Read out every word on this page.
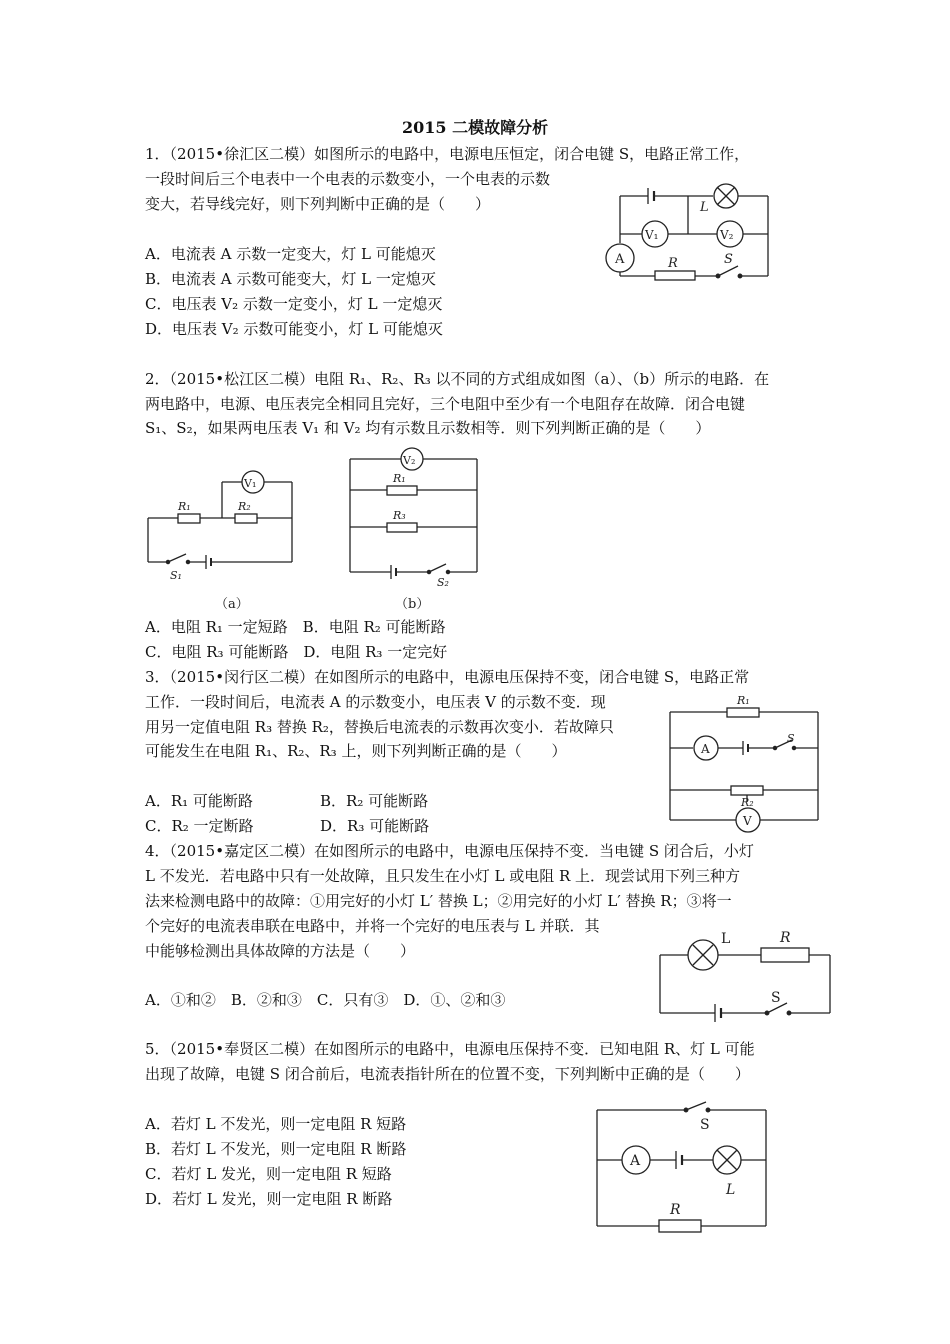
2015 二模故障分析
1．（2015•徐汇区二模）如图所示的电路中，电源电压恒定，闭合电键 S，电路正常工作，
一段时间后三个电表中一个电表的示数变小，一个电表的示数
变大，若导线完好，则下列判断中正确的是（　　）
A．电流表 A 示数一定变大，灯 L 可能熄灭
B．电流表 A 示数可能变大，灯 L 一定熄灭
C．电压表 V₂ 示数一定变小，灯 L 一定熄灭
D．电压表 V₂ 示数可能变小，灯 L 可能熄灭
L
A
V₁	V₂
R	S
2．（2015•松江区二模）电阻 R₁、R₂、R₃ 以不同的方式组成如图（a）、（b）所示的电路．在
两电路中，电源、电压表完全相同且完好，三个电阻中至少有一个电阻存在故障．闭合电键
S₁、S₂，如果两电压表 V₁ 和 V₂ 均有示数且示数相等．则下列判断正确的是（　　）
V₁
R₁	R₂
S₁
（a）
V₂
R₁
R₃
S₂
（b）
A．电阻 R₁ 一定短路　B．电阻 R₂ 可能断路
C．电阻 R₃ 可能断路　D．电阻 R₃ 一定完好
3．（2015•闵行区二模）在如图所示的电路中，电源电压保持不变，闭合电键 S，电路正常
工作．一段时间后，电流表 A 的示数变小，电压表 V 的示数不变．现
用另一定值电阻 R₃ 替换 R₂，替换后电流表的示数再次变小．若故障只
可能发生在电阻 R₁、R₂、R₃ 上，则下列判断正确的是（　　）
A．R₁ 可能断路	B．R₂ 可能断路
C．R₂ 一定断路	D．R₃ 可能断路
R₁
A
S
R₂
V
4．（2015•嘉定区二模）在如图所示的电路中，电源电压保持不变．当电键 S 闭合后，小灯
L 不发光．若电路中只有一处故障，且只发生在小灯 L 或电阻 R 上．现尝试用下列三种方
法来检测电路中的故障：①用完好的小灯 L′ 替换 L；②用完好的小灯 L′ 替换 R；③将一
个完好的电流表串联在电路中，并将一个完好的电压表与 L 并联．其
中能够检测出具体故障的方法是（　　）
A．①和②　B．②和③　C．只有③　D．①、②和③
L	R
S
5．（2015•奉贤区二模）在如图所示的电路中，电源电压保持不变．已知电阻 R、灯 L 可能
出现了故障，电键 S 闭合前后，电流表指针所在的位置不变，下列判断中正确的是（　　）
A．若灯 L 不发光，则一定电阻 R 短路
B．若灯 L 不发光，则一定电阻 R 断路
C．若灯 L 发光，则一定电阻 R 短路
D．若灯 L 发光，则一定电阻 R 断路
S
A
L
R
